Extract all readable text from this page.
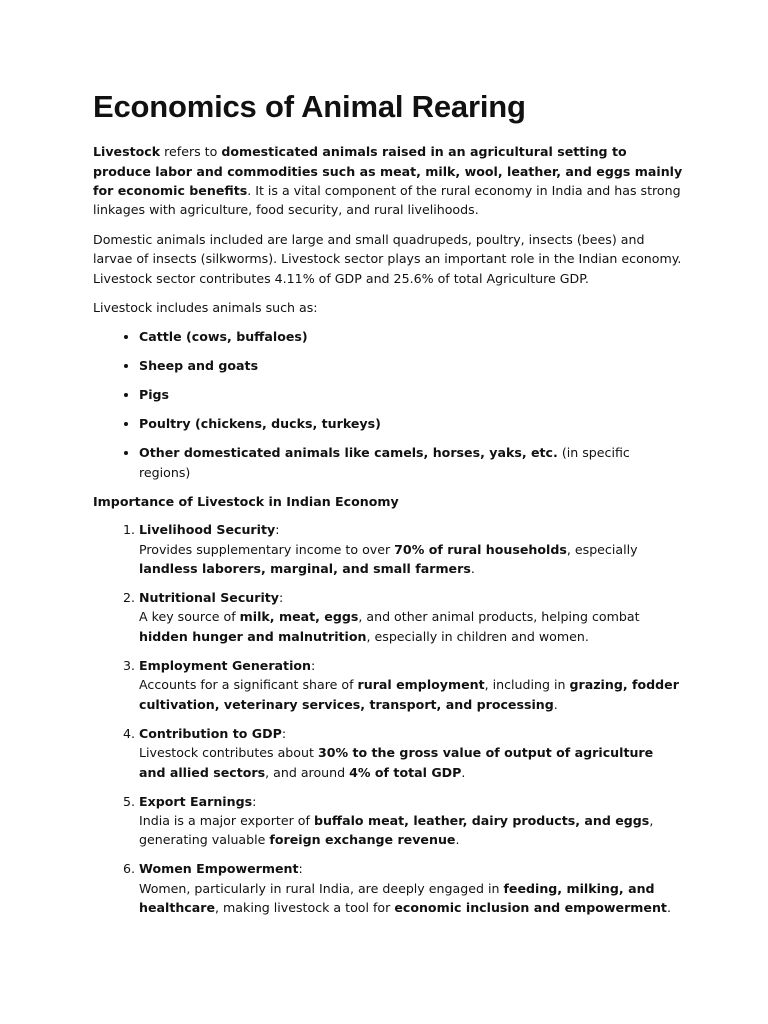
Economics of Animal Rearing

Livestock refers to domesticated animals raised in an agricultural setting to produce labor and commodities such as meat, milk, wool, leather, and eggs mainly for economic benefits. It is a vital component of the rural economy in India and has strong linkages with agriculture, food security, and rural livelihoods.

Domestic animals included are large and small quadrupeds, poultry, insects (bees) and larvae of insects (silkworms). Livestock sector plays an important role in the Indian economy. Livestock sector contributes 4.11% of GDP and 25.6% of total Agriculture GDP.

Livestock includes animals such as:

• Cattle (cows, buffaloes)
• Sheep and goats
• Pigs
• Poultry (chickens, ducks, turkeys)
• Other domesticated animals like camels, horses, yaks, etc. (in specific regions)
Importance of Livestock in Indian Economy
1. Livelihood Security:
Provides supplementary income to over 70% of rural households, especially landless laborers, marginal, and small farmers.
2. Nutritional Security:
A key source of milk, meat, eggs, and other animal products, helping combat hidden hunger and malnutrition, especially in children and women.
3. Employment Generation:
Accounts for a significant share of rural employment, including in grazing, fodder cultivation, veterinary services, transport, and processing.
4. Contribution to GDP:
Livestock contributes about 30% to the gross value of output of agriculture and allied sectors, and around 4% of total GDP.
5. Export Earnings:
India is a major exporter of buffalo meat, leather, dairy products, and eggs, generating valuable foreign exchange revenue.
6. Women Empowerment:
Women, particularly in rural India, are deeply engaged in feeding, milking, and healthcare, making livestock a tool for economic inclusion and empowerment.
